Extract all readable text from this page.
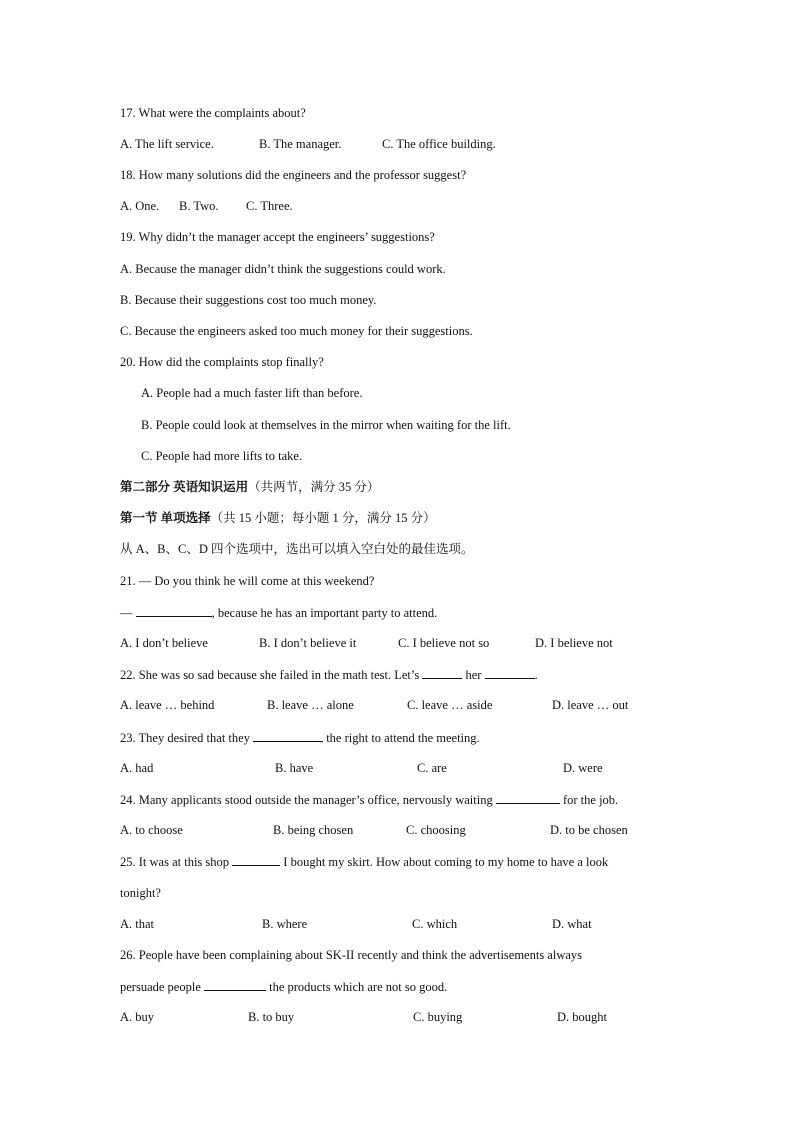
17. What were the complaints about?
A. The lift service.	B. The manager.	C. The office building.
18. How many solutions did the engineers and the professor suggest?
A. One. B. Two. C. Three.
19. Why didn’t the manager accept the engineers’ suggestions?
A. Because the manager didn’t think the suggestions could work.
B. Because their suggestions cost too much money.
C. Because the engineers asked too much money for their suggestions.
20. How did the complaints stop finally?
A. People had a much faster lift than before.
B. People could look at themselves in the mirror when waiting for the lift.
C. People had more lifts to take.
第二部分 英语知识运用（共两节，满分 35 分）
第一节 单项选择（共 15 小题；每小题 1 分，满分 15 分）
从 A、B、C、D 四个选项中，选出可以填入空白处的最佳选项。
21. — Do you think he will come at this weekend?
—	, because he has an important party to attend.
A. I don’t believe	B. I don’t believe it	C. I believe not so	D. I believe not
22. She was so sad because she failed in the math test. Let’s	her	.
A. leave … behind	B. leave … alone	C. leave … aside	D. leave … out
23. They desired that they	the right to attend the meeting.
A. had	B. have	C. are	D. were
24. Many applicants stood outside the manager’s office, nervously waiting	for the job.
A. to choose	B. being chosen	C. choosing	D. to be chosen
25. It was at this shop	I bought my skirt. How about coming to my home to have a look
tonight?
A. that	B. where	C. which	D. what
26. People have been complaining about SK-II recently and think the advertisements always
persuade people	the products which are not so good.
A. buy	B. to buy	C. buying	D. bought
